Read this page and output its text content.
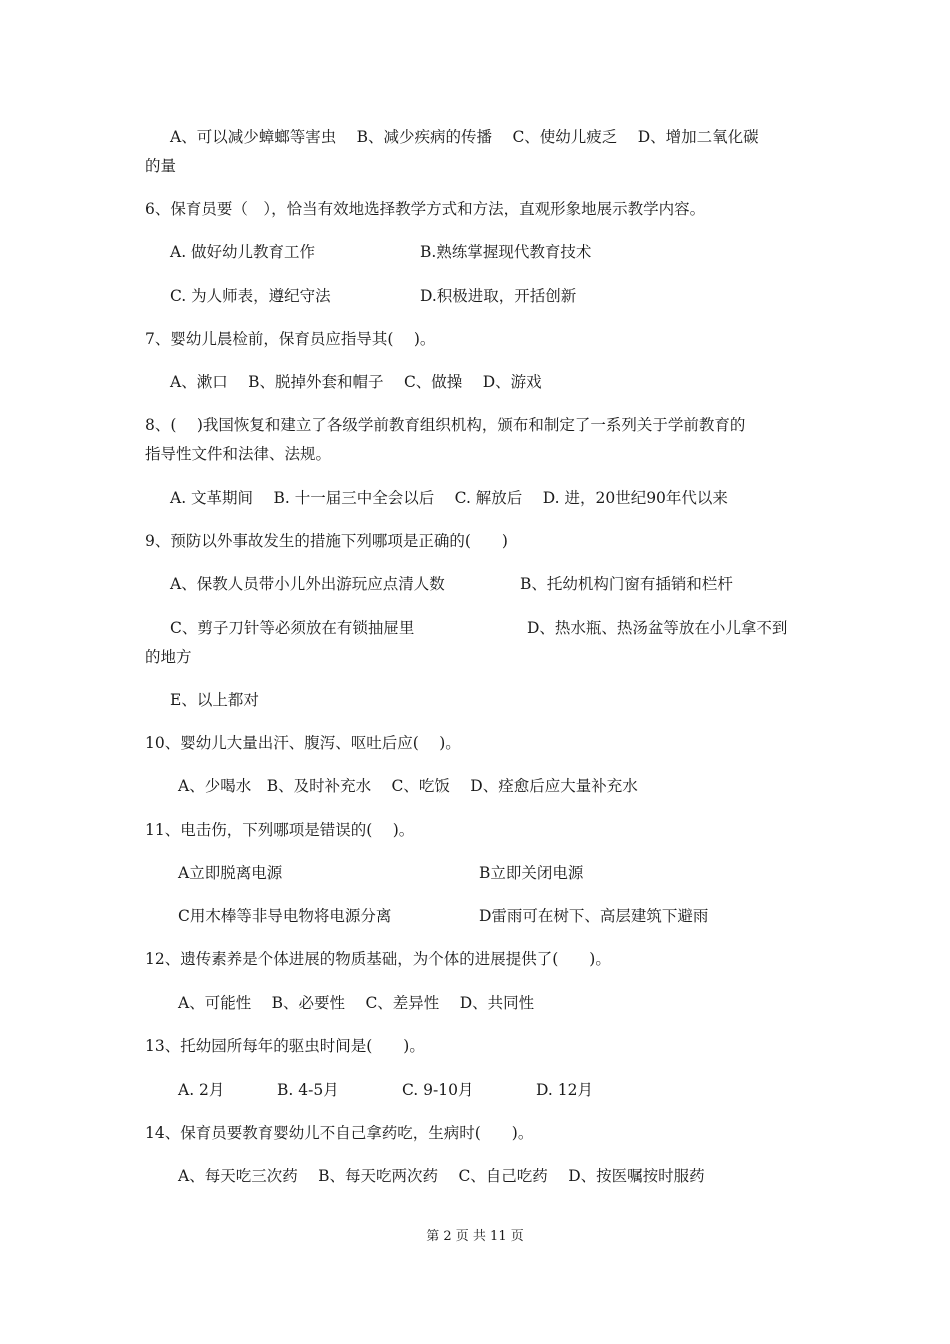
A、可以减少蟑螂等害虫　 B、减少疾病的传播　 C、使幼儿疲乏　 D、增加二氧化碳
的量
6、保育员要（　），恰当有效地选择教学方式和方法，直观形象地展示教学内容。
A. 做好幼儿教育工作	B.熟练掌握现代教育技术
C. 为人师表，遵纪守法	D.积极进取，开括创新
7、婴幼儿晨检前，保育员应指导其(　 )。
A、漱口　 B、脱掉外套和帽子　 C、做操　 D、游戏
8、(　 )我国恢复和建立了各级学前教育组织机构，颁布和制定了一系列关于学前教育的
指导性文件和法律、法规。
A. 文革期间　 B. 十一届三中全会以后　 C. 解放后　 D. 进，20世纪90年代以来
9、预防以外事故发生的措施下列哪项是正确的(　　)
A、保教人员带小儿外出游玩应点清人数	B、托幼机构门窗有插销和栏杆
C、剪子刀针等必须放在有锁抽屉里	D、热水瓶、热汤盆等放在小儿拿不到
的地方
E、以上都对
10、婴幼儿大量出汗、腹泻、呕吐后应(　 )。
A、少喝水　B、及时补充水　 C、吃饭　 D、痊愈后应大量补充水
11、电击伤，下列哪项是错误的(　 )。
A立即脱离电源	B立即关闭电源
C用木棒等非导电物将电源分离	D雷雨可在树下、高层建筑下避雨
12、遗传素养是个体进展的物质基础，为个体的进展提供了(　　)。
A、可能性　 B、必要性　 C、差异性　 D、共同性
13、托幼园所每年的驱虫时间是(　　)。
A. 2月	B. 4-5月	C. 9-10月	D. 12月
14、保育员要教育婴幼儿不自己拿药吃，生病时(　　)。
A、每天吃三次药　 B、每天吃两次药　 C、自己吃药　 D、按医嘱按时服药
第 2 页 共 11 页
